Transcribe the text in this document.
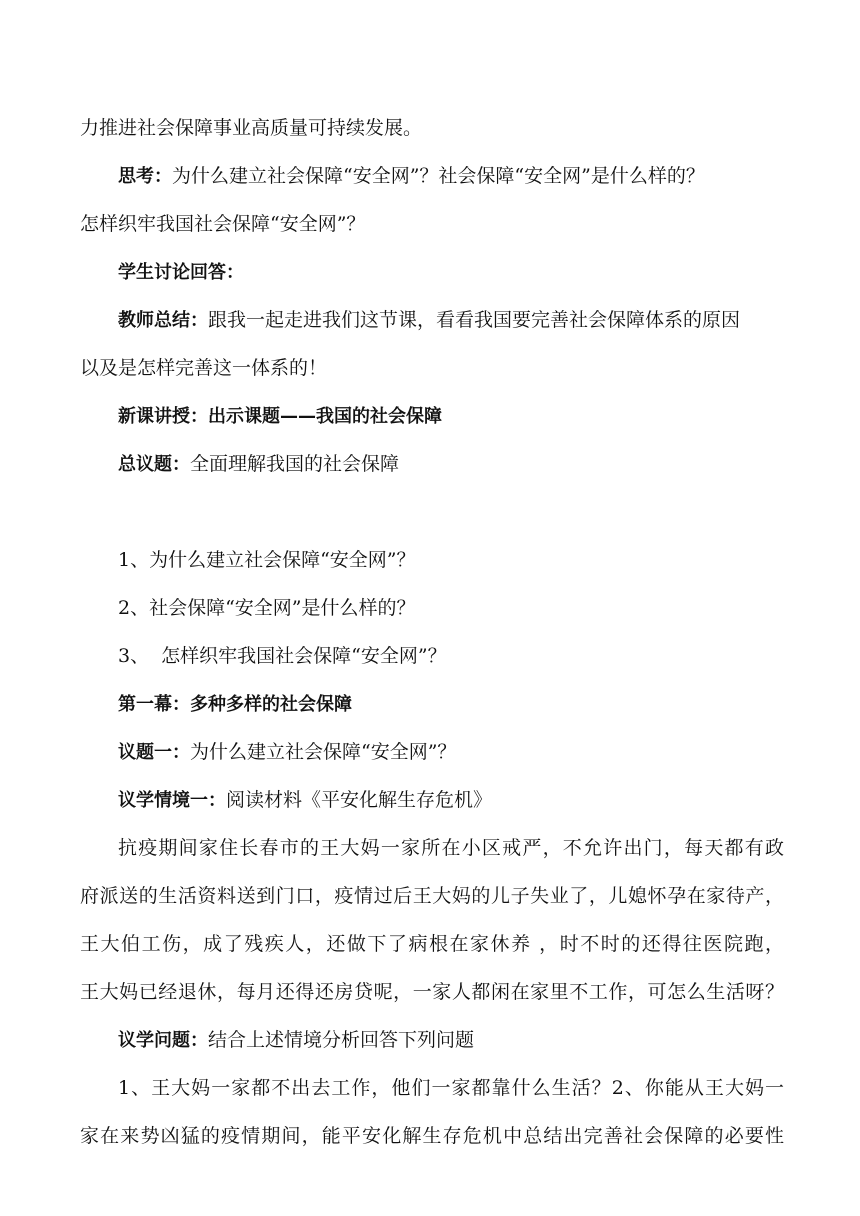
力推进社会保障事业高质量可持续发展。
思考：为什么建立社会保障“安全网”？社会保障“安全网”是什么样的？
怎样织牢我国社会保障“安全网”？
学生讨论回答：
教师总结：跟我一起走进我们这节课，看看我国要完善社会保障体系的原因
以及是怎样完善这一体系的！
新课讲授：出示课题——我国的社会保障
总议题：全面理解我国的社会保障
1、为什么建立社会保障“安全网”？
2、社会保障“安全网”是什么样的？
3、  怎样织牢我国社会保障“安全网”？
第一幕：多种多样的社会保障
议题一：为什么建立社会保障“安全网”？
议学情境一：阅读材料《平安化解生存危机》
抗疫期间家住长春市的王大妈一家所在小区戒严，不允许出门，每天都有政
府派送的生活资料送到门口，疫情过后王大妈的儿子失业了，儿媳怀孕在家待产，
王大伯工伤，成了残疾人，还做下了病根在家休养 ，时不时的还得往医院跑，
王大妈已经退休，每月还得还房贷呢，一家人都闲在家里不工作，可怎么生活呀？
议学问题：结合上述情境分析回答下列问题
1、王大妈一家都不出去工作，他们一家都靠什么生活？2、你能从王大妈一
家在来势凶猛的疫情期间，能平安化解生存危机中总结出完善社会保障的必要性
